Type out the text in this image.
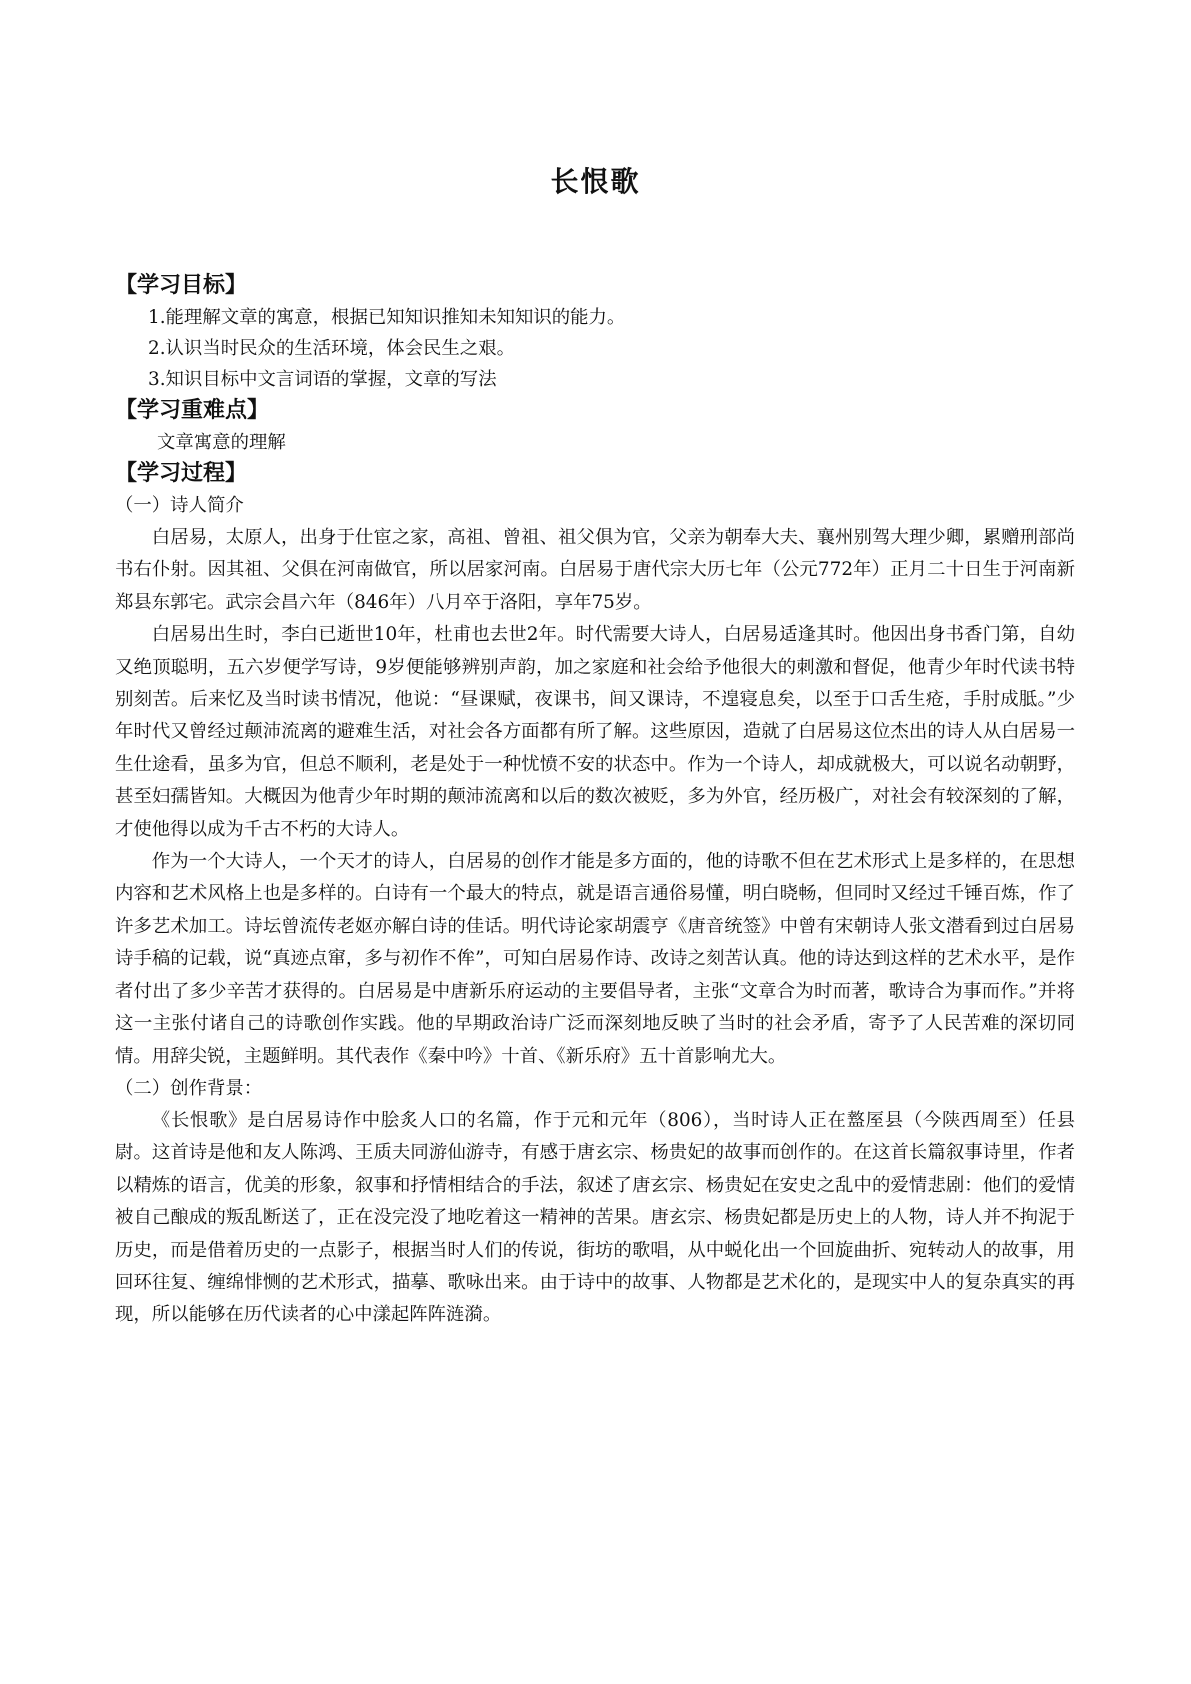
长恨歌

【学习目标】

1.能理解文章的寓意，根据已知知识推知未知知识的能力。

2.认识当时民众的生活环境，体会民生之艰。

3.知识目标中文言词语的掌握，文章的写法

【学习重难点】

文章寓意的理解

【学习过程】

（一）诗人简介

白居易，太原人，出身于仕宦之家，高祖、曾祖、祖父俱为官，父亲为朝奉大夫、襄州别驾大理少卿，累赠刑部尚书右仆射。因其祖、父俱在河南做官，所以居家河南。白居易于唐代宗大历七年（公元772年）正月二十日生于河南新郑县东郭宅。武宗会昌六年（846年）八月卒于洛阳，享年75岁。

白居易出生时，李白已逝世10年，杜甫也去世2年。时代需要大诗人，白居易适逢其时。他因出身书香门第，自幼又绝顶聪明，五六岁便学写诗，9岁便能够辨别声韵，加之家庭和社会给予他很大的刺激和督促，他青少年时代读书特别刻苦。后来忆及当时读书情况，他说：“昼课赋，夜课书，间又课诗，不遑寝息矣，以至于口舌生疮，手肘成胝。”少年时代又曾经过颠沛流离的避难生活，对社会各方面都有所了解。这些原因，造就了白居易这位杰出的诗人从白居易一生仕途看，虽多为官，但总不顺利，老是处于一种忧愤不安的状态中。作为一个诗人，却成就极大，可以说名动朝野，甚至妇孺皆知。大概因为他青少年时期的颠沛流离和以后的数次被贬，多为外官，经历极广，对社会有较深刻的了解，才使他得以成为千古不朽的大诗人。

作为一个大诗人，一个天才的诗人，白居易的创作才能是多方面的，他的诗歌不但在艺术形式上是多样的，在思想内容和艺术风格上也是多样的。白诗有一个最大的特点，就是语言通俗易懂，明白晓畅，但同时又经过千锤百炼，作了许多艺术加工。诗坛曾流传老妪亦解白诗的佳话。明代诗论家胡震亨《唐音统签》中曾有宋朝诗人张文潜看到过白居易诗手稿的记载，说“真迹点窜，多与初作不侔”，可知白居易作诗、改诗之刻苦认真。他的诗达到这样的艺术水平，是作者付出了多少辛苦才获得的。白居易是中唐新乐府运动的主要倡导者，主张“文章合为时而著，歌诗合为事而作。”并将这一主张付诸自己的诗歌创作实践。他的早期政治诗广泛而深刻地反映了当时的社会矛盾，寄予了人民苦难的深切同情。用辞尖锐，主题鲜明。其代表作《秦中吟》十首、《新乐府》五十首影响尤大。

（二）创作背景：

《长恨歌》是白居易诗作中脍炙人口的名篇，作于元和元年（806），当时诗人正在盩厔县（今陕西周至）任县尉。这首诗是他和友人陈鸿、王质夫同游仙游寺，有感于唐玄宗、杨贵妃的故事而创作的。在这首长篇叙事诗里，作者以精炼的语言，优美的形象，叙事和抒情相结合的手法，叙述了唐玄宗、杨贵妃在安史之乱中的爱情悲剧：他们的爱情被自己酿成的叛乱断送了，正在没完没了地吃着这一精神的苦果。唐玄宗、杨贵妃都是历史上的人物，诗人并不拘泥于历史，而是借着历史的一点影子，根据当时人们的传说，街坊的歌唱，从中蜕化出一个回旋曲折、宛转动人的故事，用回环往复、缠绵悱恻的艺术形式，描摹、歌咏出来。由于诗中的故事、人物都是艺术化的，是现实中人的复杂真实的再现，所以能够在历代读者的心中漾起阵阵涟漪。
